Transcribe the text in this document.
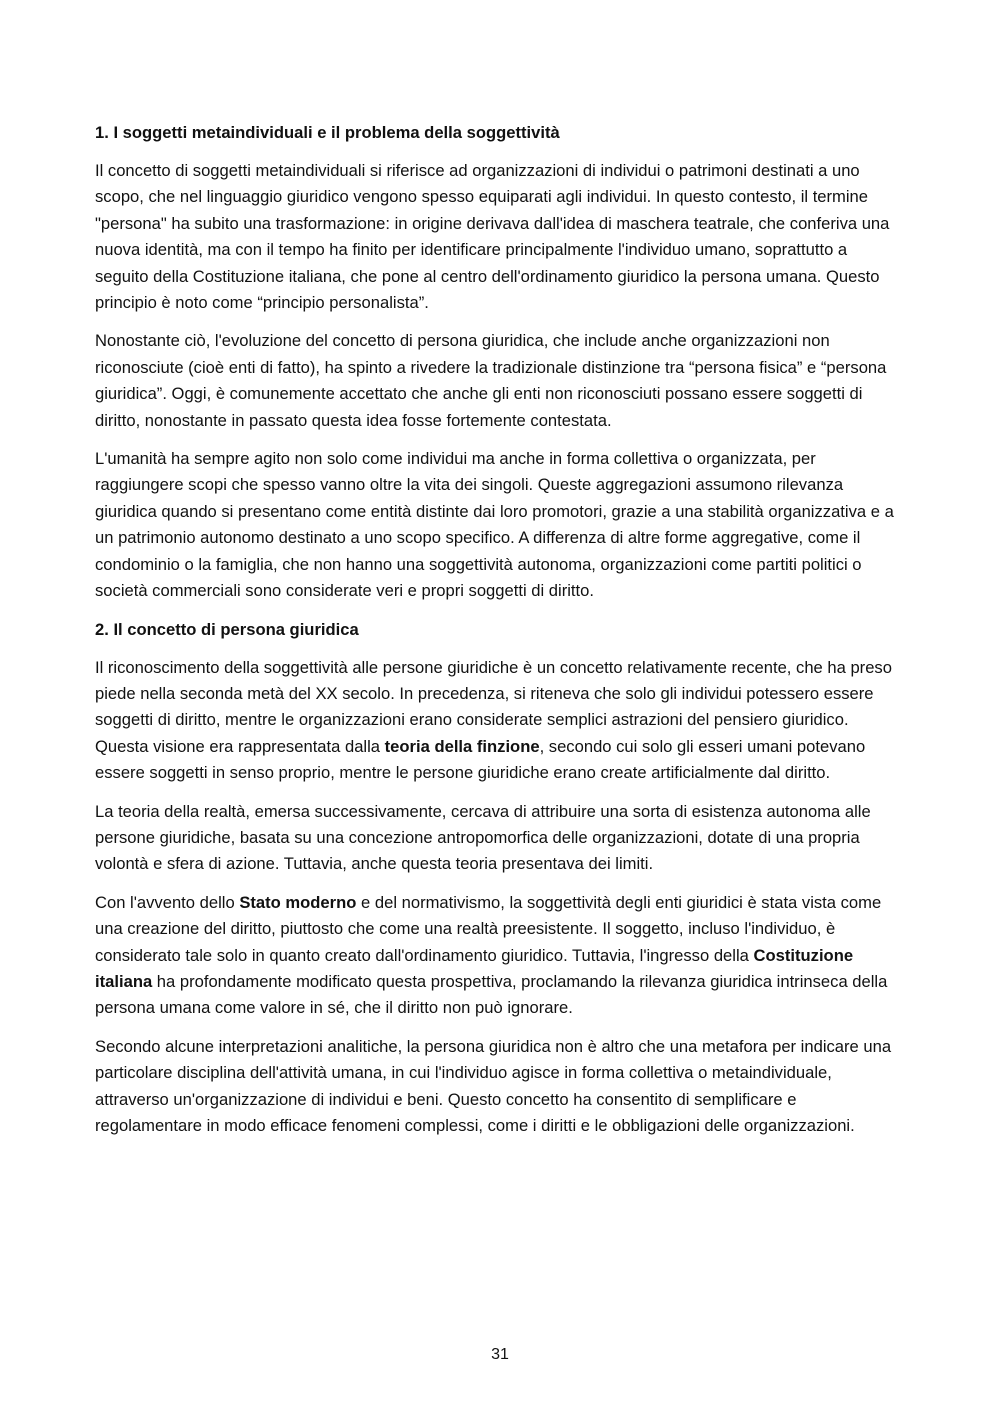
1. I soggetti metaindividuali e il problema della soggettività

Il concetto di soggetti metaindividuali si riferisce ad organizzazioni di individui o patrimoni destinati a uno scopo, che nel linguaggio giuridico vengono spesso equiparati agli individui. In questo contesto, il termine "persona" ha subito una trasformazione: in origine derivava dall'idea di maschera teatrale, che conferiva una nuova identità, ma con il tempo ha finito per identificare principalmente l'individuo umano, soprattutto a seguito della Costituzione italiana, che pone al centro dell'ordinamento giuridico la persona umana. Questo principio è noto come “principio personalista”.

Nonostante ciò, l'evoluzione del concetto di persona giuridica, che include anche organizzazioni non riconosciute (cioè enti di fatto), ha spinto a rivedere la tradizionale distinzione tra “persona fisica” e “persona giuridica”. Oggi, è comunemente accettato che anche gli enti non riconosciuti possano essere soggetti di diritto, nonostante in passato questa idea fosse fortemente contestata.

L'umanità ha sempre agito non solo come individui ma anche in forma collettiva o organizzata, per raggiungere scopi che spesso vanno oltre la vita dei singoli. Queste aggregazioni assumono rilevanza giuridica quando si presentano come entità distinte dai loro promotori, grazie a una stabilità organizzativa e a un patrimonio autonomo destinato a uno scopo specifico. A differenza di altre forme aggregative, come il condominio o la famiglia, che non hanno una soggettività autonoma, organizzazioni come partiti politici o società commerciali sono considerate veri e propri soggetti di diritto.

2. Il concetto di persona giuridica

Il riconoscimento della soggettività alle persone giuridiche è un concetto relativamente recente, che ha preso piede nella seconda metà del XX secolo. In precedenza, si riteneva che solo gli individui potessero essere soggetti di diritto, mentre le organizzazioni erano considerate semplici astrazioni del pensiero giuridico. Questa visione era rappresentata dalla teoria della finzione, secondo cui solo gli esseri umani potevano essere soggetti in senso proprio, mentre le persone giuridiche erano create artificialmente dal diritto.

La teoria della realtà, emersa successivamente, cercava di attribuire una sorta di esistenza autonoma alle persone giuridiche, basata su una concezione antropomorfica delle organizzazioni, dotate di una propria volontà e sfera di azione. Tuttavia, anche questa teoria presentava dei limiti.

Con l'avvento dello Stato moderno e del normativismo, la soggettività degli enti giuridici è stata vista come una creazione del diritto, piuttosto che come una realtà preesistente. Il soggetto, incluso l'individuo, è considerato tale solo in quanto creato dall'ordinamento giuridico. Tuttavia, l'ingresso della Costituzione italiana ha profondamente modificato questa prospettiva, proclamando la rilevanza giuridica intrinseca della persona umana come valore in sé, che il diritto non può ignorare.

Secondo alcune interpretazioni analitiche, la persona giuridica non è altro che una metafora per indicare una particolare disciplina dell'attività umana, in cui l'individuo agisce in forma collettiva o metaindividuale, attraverso un'organizzazione di individui e beni. Questo concetto ha consentito di semplificare e regolamentare in modo efficace fenomeni complessi, come i diritti e le obbligazioni delle organizzazioni.

31
